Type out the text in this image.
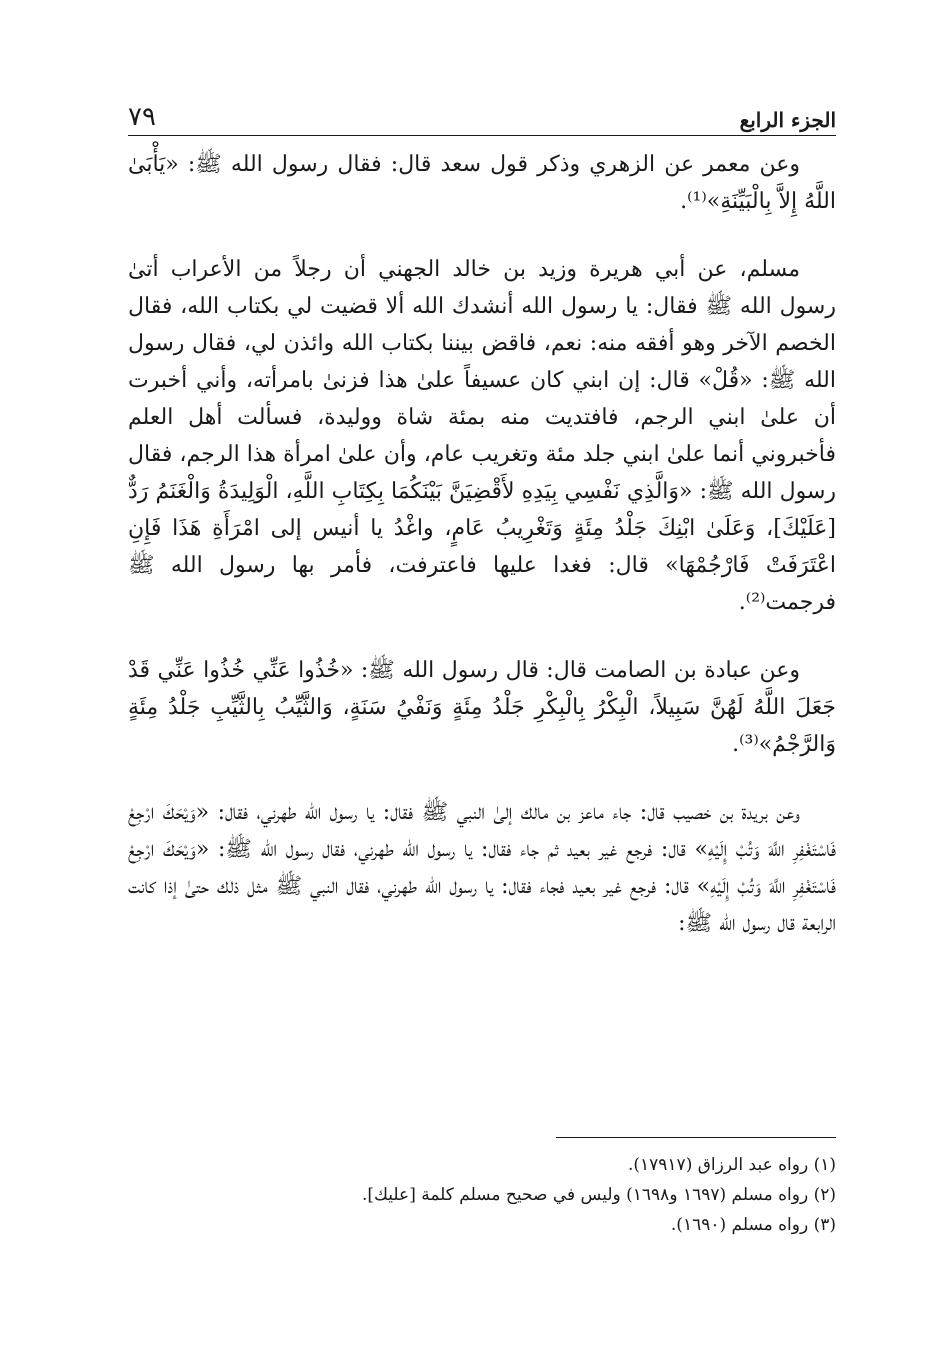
٧٩	الجزء الرابع

وعن معمر عن الزهري وذكر قول سعد قال: فقال رسول الله ﷺ: «يَأْبَىٰ اللَّهُ إِلاَّ بِالْبَيِّنَةِ»⁽¹⁾.

مسلم، عن أبي هريرة وزيد بن خالد الجهني أن رجلاً من الأعراب أتىٰ رسول الله ﷺ فقال: يا رسول الله أنشدك الله ألا قضيت لي بكتاب الله، فقال الخصم الآخر وهو أفقه منه: نعم، فاقض بيننا بكتاب الله وائذن لي، فقال رسول الله ﷺ: «قُلْ» قال: إن ابني كان عسيفاً علىٰ هذا فزنىٰ بامرأته، وأني أخبرت أن علىٰ ابني الرجم، فافتديت منه بمئة شاة ووليدة، فسألت أهل العلم فأخبروني أنما علىٰ ابني جلد مئة وتغريب عام، وأن علىٰ امرأة هذا الرجم، فقال رسول الله ﷺ: «وَالَّذِي نَفْسِي بِيَدِهِ لأَقْضِيَنَّ بَيْنَكُمَا بِكِتَابِ اللَّهِ، الْوَلِيدَةُ وَالْغَنَمُ رَدٌّ [عَلَيْكَ]، وَعَلَىٰ ابْنِكَ جَلْدُ مِئَةٍ وَتَغْرِيبُ عَامٍ، واغْدُ يا أنيس إلى امْرَأَةِ هَذَا فَإِنِ اعْتَرَفَتْ فَارْجُمْهَا» قال: فغدا عليها فاعترفت، فأمر بها رسول الله ﷺ فرجمت⁽²⁾.

وعن عبادة بن الصامت قال: قال رسول الله ﷺ: «خُذُوا عَنِّي خُذُوا عَنِّي قَدْ جَعَلَ اللَّهُ لَهُنَّ سَبِيلاً، الْبِكْرُ بِالْبِكْرِ جَلْدُ مِئَةٍ وَنَفْيُ سَنَةٍ، وَالثَّيِّبُ بِالثَّيِّبِ جَلْدُ مِئَةٍ وَالرَّجْمُ»⁽³⁾.

وعن بريدة بن خصيب قال: جاء ماعز بن مالك إلىٰ النبي ﷺ فقال: يا رسول الله طهرني، فقال: «وَيْحَكَ ارْجِعْ فَاسْتَغْفِرِ اللَّهَ وَتُبْ إِلَيْهِ» قال: فرجع غير بعيد ثم جاء فقال: يا رسول الله طهرني، فقال رسول الله ﷺ: «وَيْحَكَ ارْجِعْ فَاسْتَغْفِرِ اللَّهَ وَتُبْ إِلَيْهِ» قال: فرجع غير بعيد فجاء فقال: يا رسول الله طهرني، فقال النبي ﷺ مثل ذلك حتىٰ إذا كانت الرابعة قال رسول الله ﷺ:

(١) رواه عبد الرزاق (١٧٩١٧).

(٢) رواه مسلم (١٦٩٧ و١٦٩٨) وليس في صحيح مسلم كلمة [عليك].

(٣) رواه مسلم (١٦٩٠).
